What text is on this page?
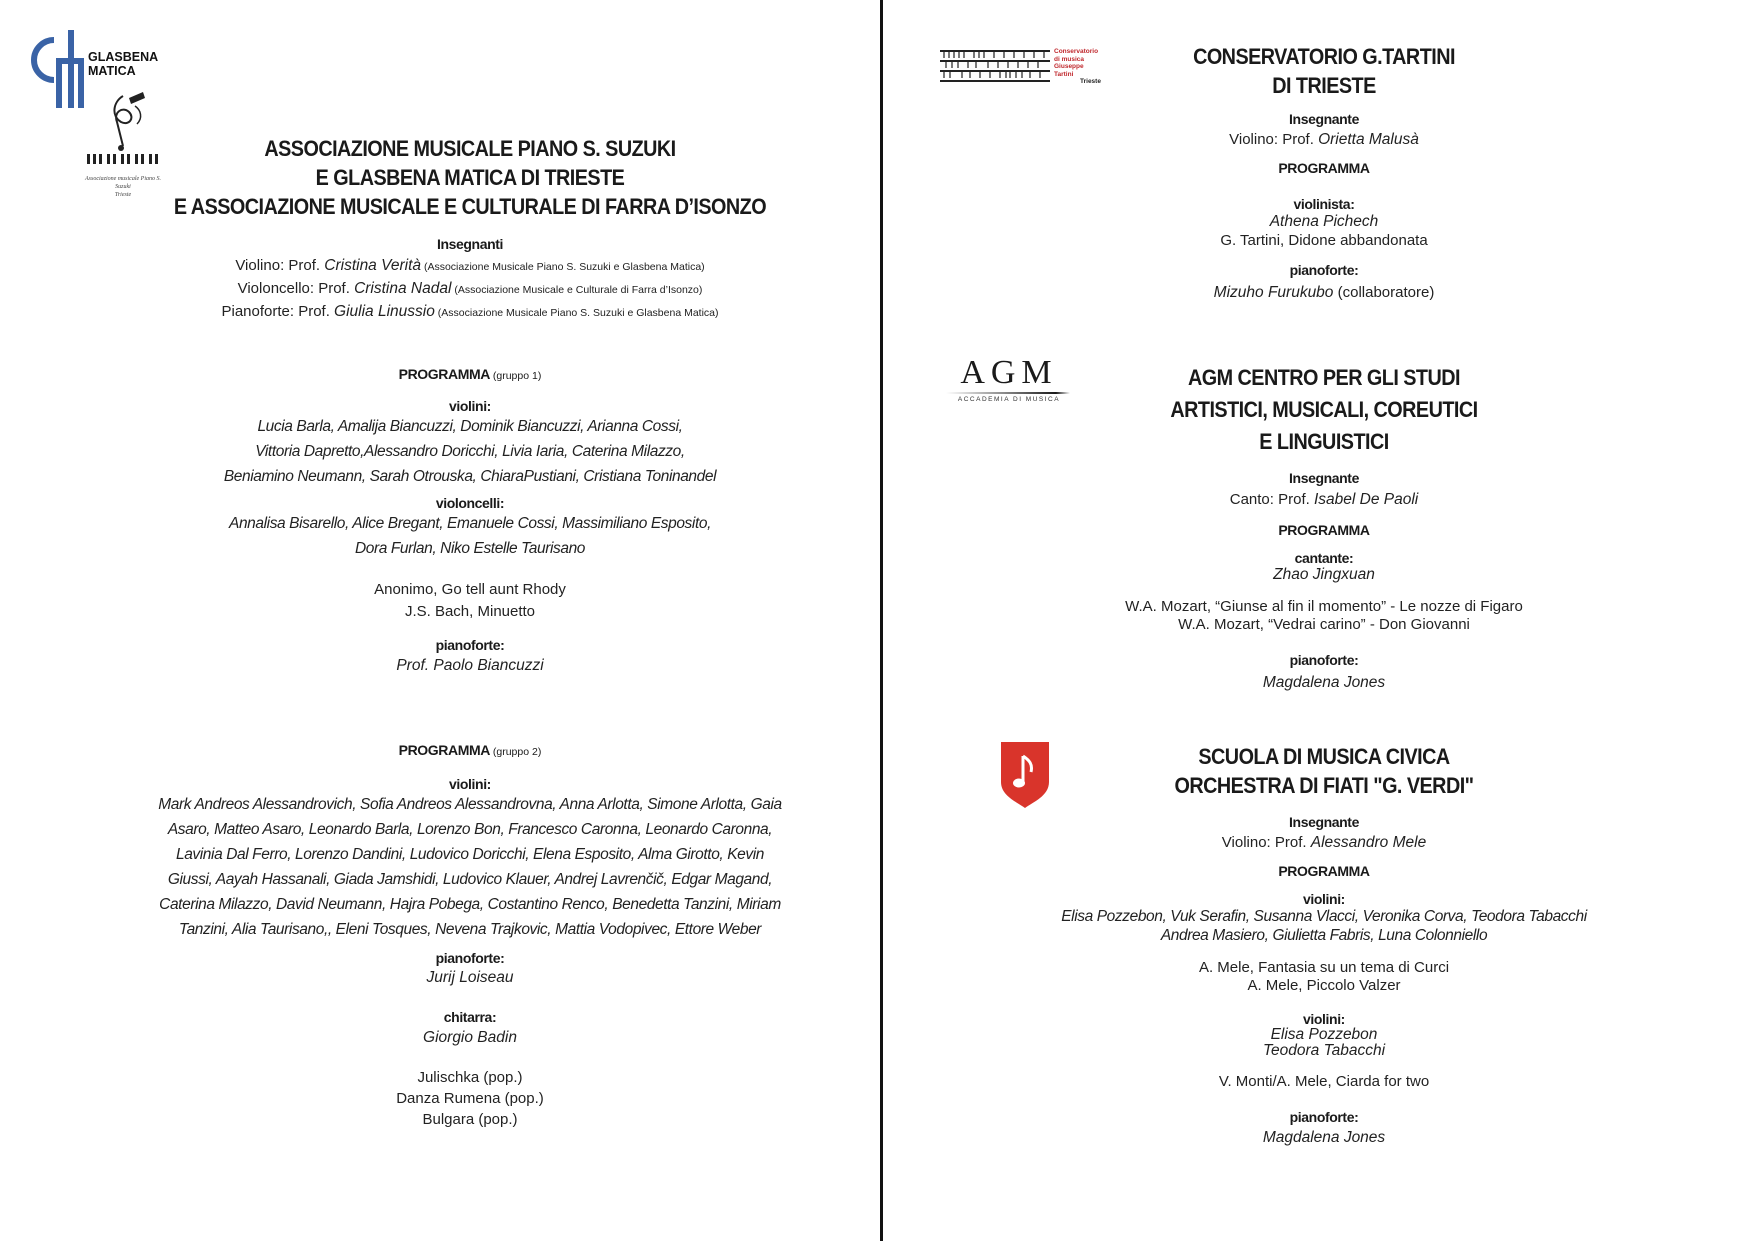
GLASBENA
MATICA
Associazione musicale Piano S. Suzuki
Trieste
ASSOCIAZIONE MUSICALE PIANO S. SUZUKI
E GLASBENA MATICA DI TRIESTE
E ASSOCIAZIONE MUSICALE E CULTURALE DI FARRA D’ISONZO
Insegnanti
Violino: Prof. Cristina Verità (Associazione Musicale Piano S. Suzuki e Glasbena Matica)
Violoncello: Prof. Cristina Nadal (Associazione Musicale e Culturale di Farra d’Isonzo)
Pianoforte: Prof. Giulia Linussio (Associazione Musicale Piano S. Suzuki e Glasbena Matica)
PROGRAMMA (gruppo 1)
violini:
Lucia Barla, Amalija Biancuzzi, Dominik Biancuzzi, Arianna Cossi,
Vittoria Dapretto,Alessandro Doricchi, Livia Iaria, Caterina Milazzo,
Beniamino Neumann, Sarah Otrouska, ChiaraPustiani, Cristiana Toninandel
violoncelli:
Annalisa Bisarello, Alice Bregant, Emanuele Cossi, Massimiliano Esposito,
Dora Furlan, Niko Estelle Taurisano
Anonimo, Go tell aunt Rhody
J.S. Bach, Minuetto
pianoforte:
Prof. Paolo Biancuzzi
PROGRAMMA (gruppo 2)
violini:
Mark Andreos Alessandrovich, Sofia Andreos Alessandrovna, Anna Arlotta, Simone Arlotta, Gaia
Asaro, Matteo Asaro, Leonardo Barla, Lorenzo Bon, Francesco Caronna, Leonardo Caronna,
Lavinia Dal Ferro, Lorenzo Dandini, Ludovico Doricchi, Elena Esposito, Alma Girotto, Kevin
Giussi, Aayah Hassanali, Giada Jamshidi, Ludovico Klauer, Andrej Lavrenčič, Edgar Magand,
Caterina Milazzo, David Neumann, Hajra Pobega, Costantino Renco, Benedetta Tanzini, Miriam
Tanzini, Alia Taurisano,, Eleni Tosques, Nevena Trajkovic, Mattia Vodopivec, Ettore Weber
pianoforte:
Jurij Loiseau
chitarra:
Giorgio Badin
Julischka (pop.)
Danza Rumena (pop.)
Bulgara (pop.)
Conservatorio
di musica
Giuseppe
Tartini
Trieste
CONSERVATORIO G.TARTINI
DI TRIESTE
Insegnante
Violino: Prof. Orietta Malusà
PROGRAMMA
violinista:
Athena Pichech
G. Tartini, Didone abbandonata
pianoforte:
Mizuho Furukubo (collaboratore)
AGM
ACCADEMIA DI MUSICA
AGM CENTRO PER GLI STUDI
ARTISTICI, MUSICALI, COREUTICI
E LINGUISTICI
Insegnante
Canto: Prof. Isabel De Paoli
PROGRAMMA
cantante:
Zhao Jingxuan
W.A. Mozart, “Giunse al fin il momento” - Le nozze di Figaro
W.A. Mozart, “Vedrai carino” - Don Giovanni
pianoforte:
Magdalena Jones
SCUOLA DI MUSICA CIVICA
ORCHESTRA DI FIATI "G. VERDI"
Insegnante
Violino: Prof. Alessandro Mele
PROGRAMMA
violini:
Elisa Pozzebon, Vuk Serafin, Susanna Vlacci, Veronika Corva, Teodora Tabacchi
Andrea Masiero, Giulietta Fabris, Luna Colonniello
A. Mele, Fantasia su un tema di Curci
A. Mele, Piccolo Valzer
violini:
Elisa Pozzebon
Teodora Tabacchi
V. Monti/A. Mele, Ciarda for two
pianoforte:
Magdalena Jones
